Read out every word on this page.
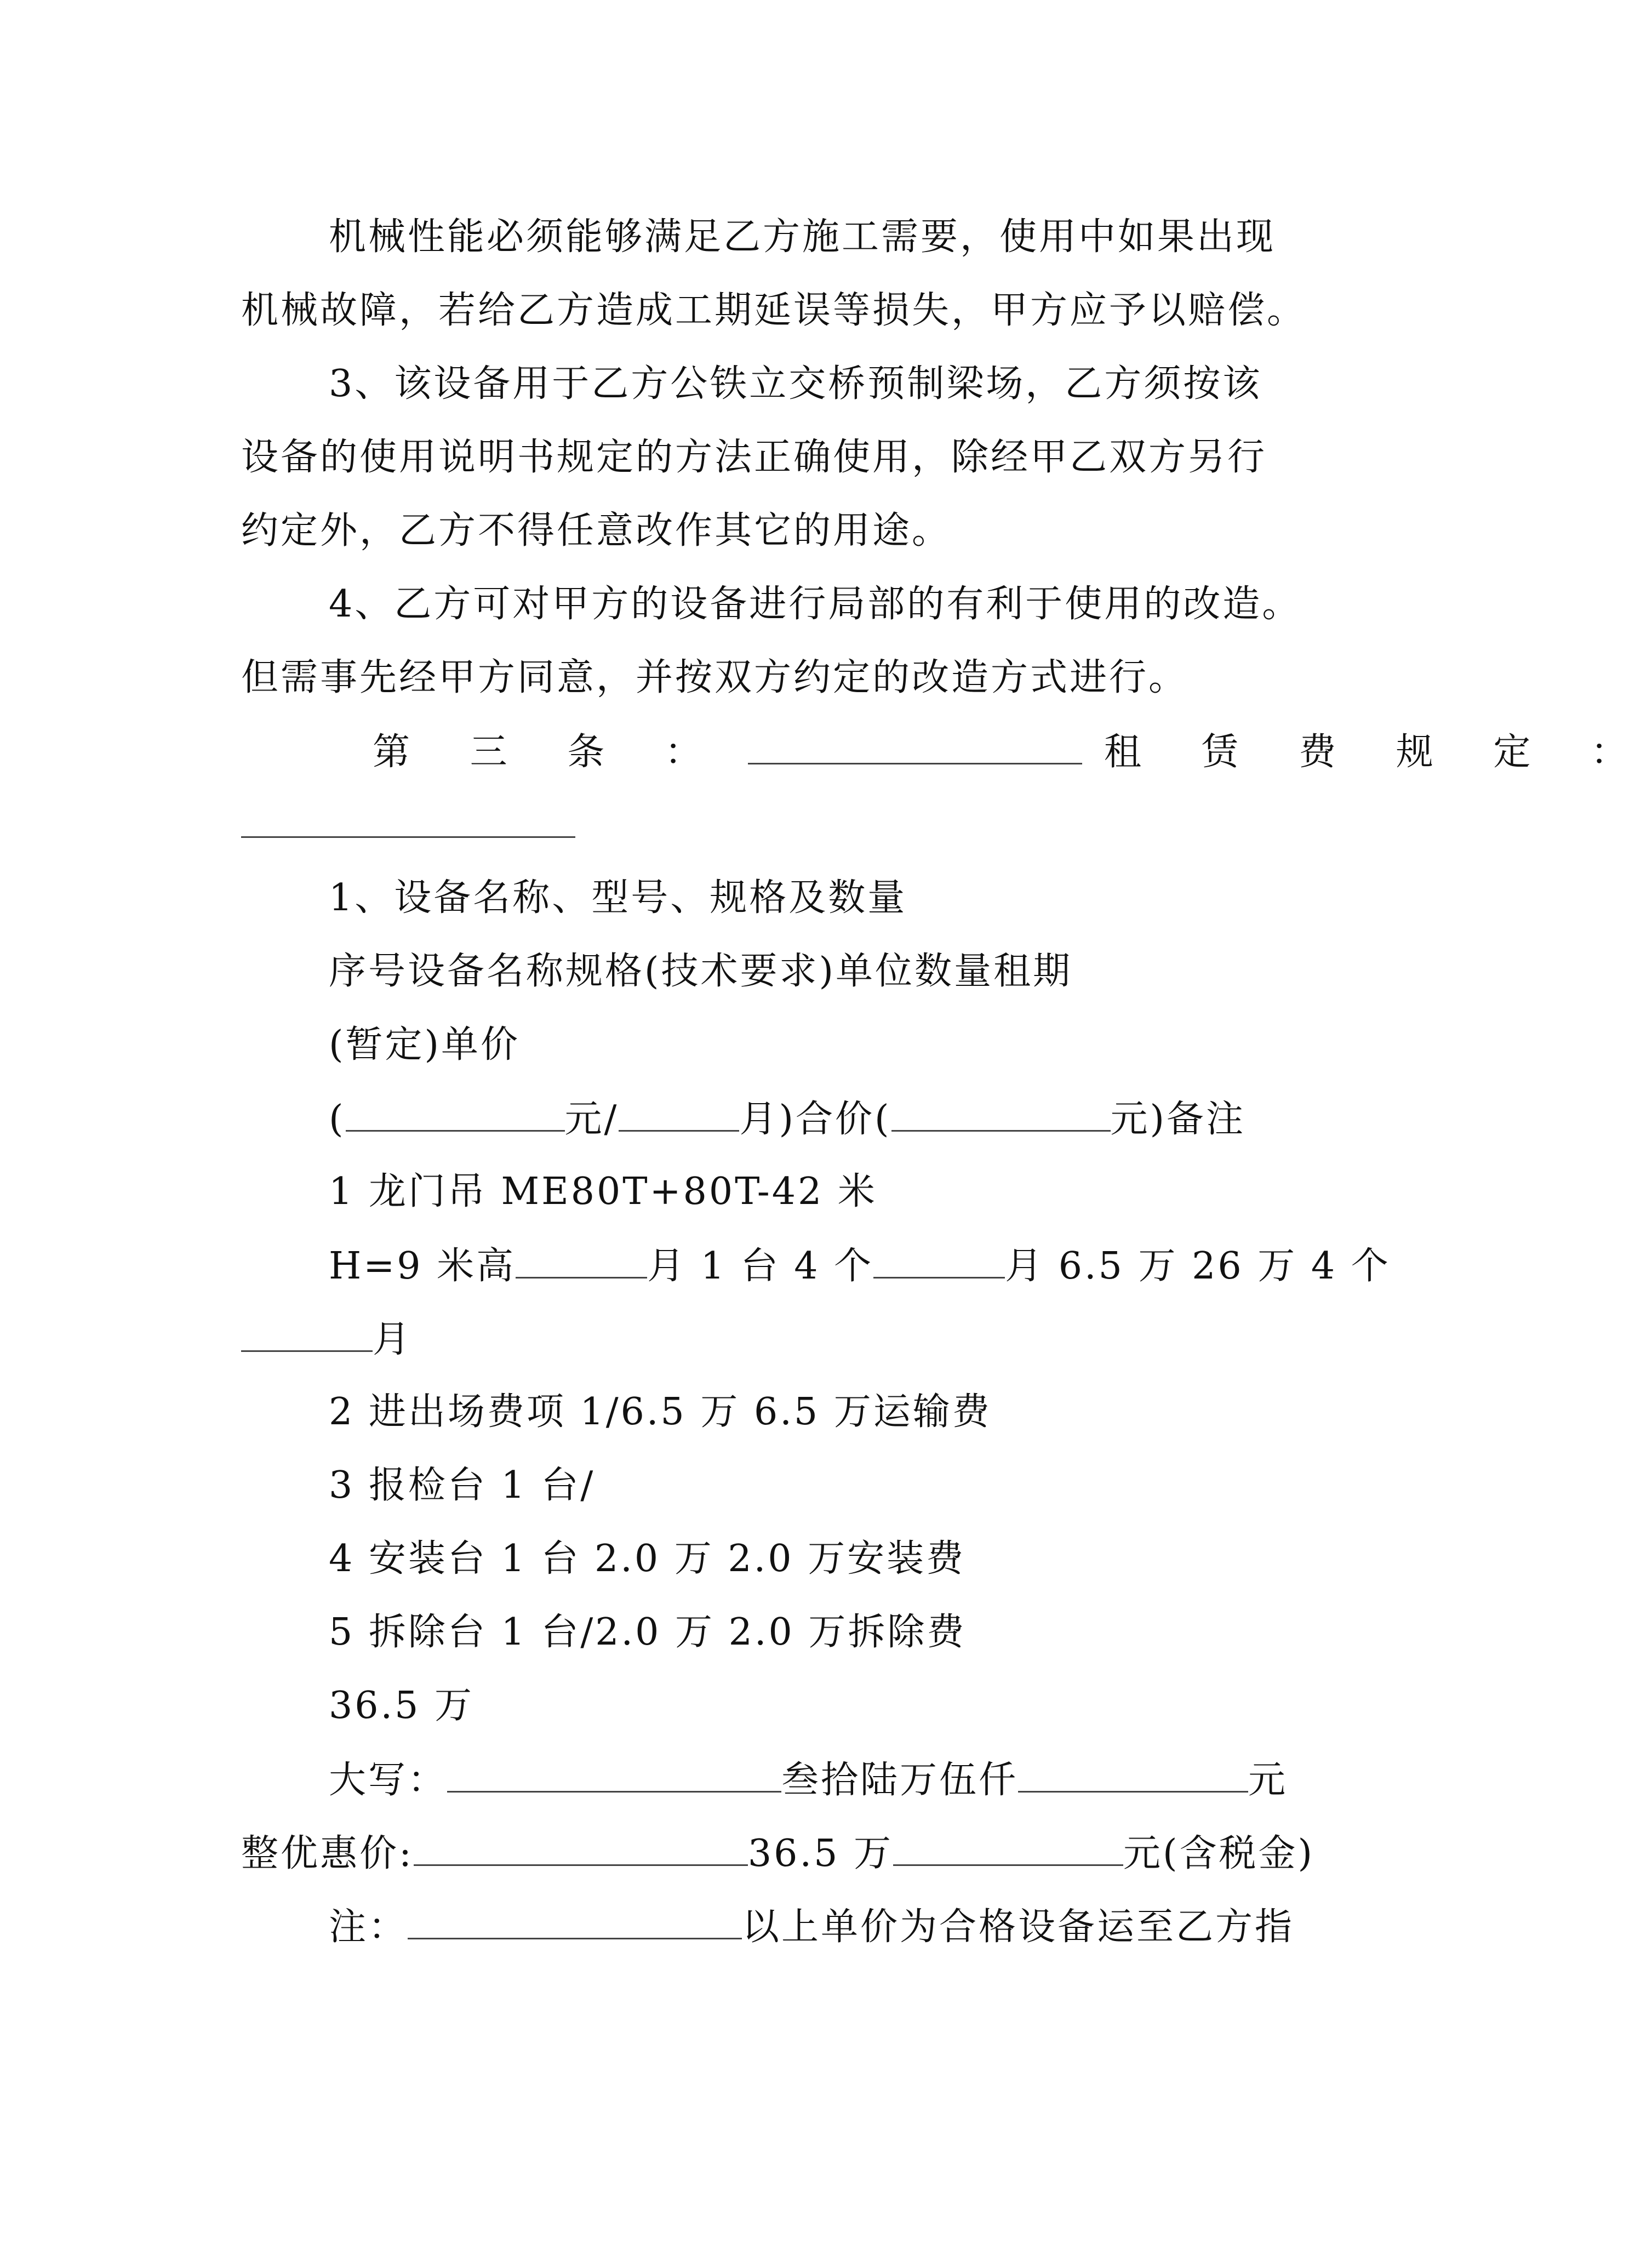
机械性能必须能够满足乙方施工需要，使用中如果出现
机械故障，若给乙方造成工期延误等损失，甲方应予以赔偿。
3、该设备用于乙方公铁立交桥预制梁场，乙方须按该
设备的使用说明书规定的方法正确使用，除经甲乙双方另行
约定外，乙方不得任意改作其它的用途。
4、乙方可对甲方的设备进行局部的有利于使用的改造。
但需事先经甲方同意，并按双方约定的改造方式进行。
第 三 条 ：	租 赁 费 规 定 ：
1、设备名称、型号、规格及数量
序号设备名称规格(技术要求)单位数量租期
(暂定)单价
(	元/	月)合价(	元)备注
1 龙门吊 ME80T+80T-42 米
H=9 米高	月 1 台 4 个	月 6.5 万 26 万 4 个
月
2 进出场费项 1/6.5 万 6.5 万运输费
3 报检台 1 台/
4 安装台 1 台 2.0 万 2.0 万安装费
5 拆除台 1 台/2.0 万 2.0 万拆除费
36.5 万
大写：	叁拾陆万伍仟	元
整优惠价:	36.5 万	元(含税金)
注：	以上单价为合格设备运至乙方指
